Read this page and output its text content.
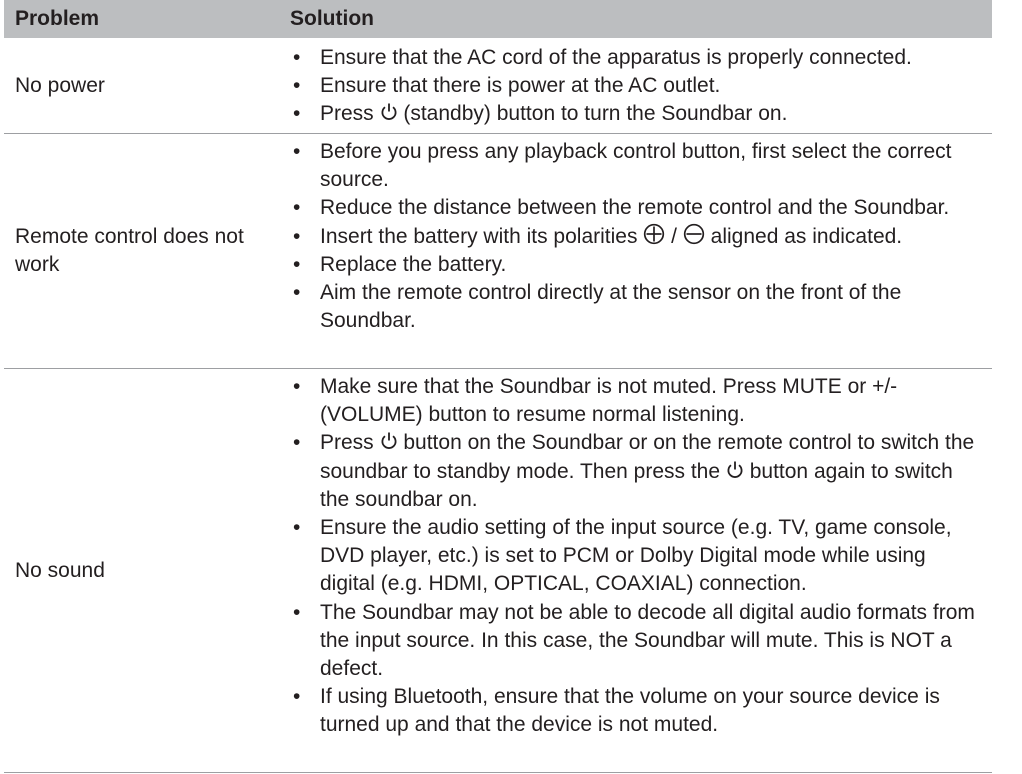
Problem	Solution
No power
• Ensure that the AC cord of the apparatus is properly connected.
• Ensure that there is power at the AC outlet.
• Press
(standby) button to turn the Soundbar on.
Remote control does not work
• Before you press any playback control button, first select the correct source.
• Reduce the distance between the remote control and the Soundbar.
• Insert the battery with its polarities
/
aligned as indicated.
• Replace the battery.
• Aim the remote control directly at the sensor on the front of the Soundbar.
No sound
• Make sure that the Soundbar is not muted. Press MUTE or +/- (VOLUME) button to resume normal listening.
• Press
button on the Soundbar or on the remote control to switch the soundbar to standby mode. Then press the
button again to switch the soundbar on.
• Ensure the audio setting of the input source (e.g. TV, game console, DVD player, etc.) is set to PCM or Dolby Digital mode while using digital (e.g. HDMI, OPTICAL, COAXIAL) connection.
• The Soundbar may not be able to decode all digital audio formats from the input source. In this case, the Soundbar will mute. This is NOT a defect.
• If using Bluetooth, ensure that the volume on your source device is turned up and that the device is not muted.
